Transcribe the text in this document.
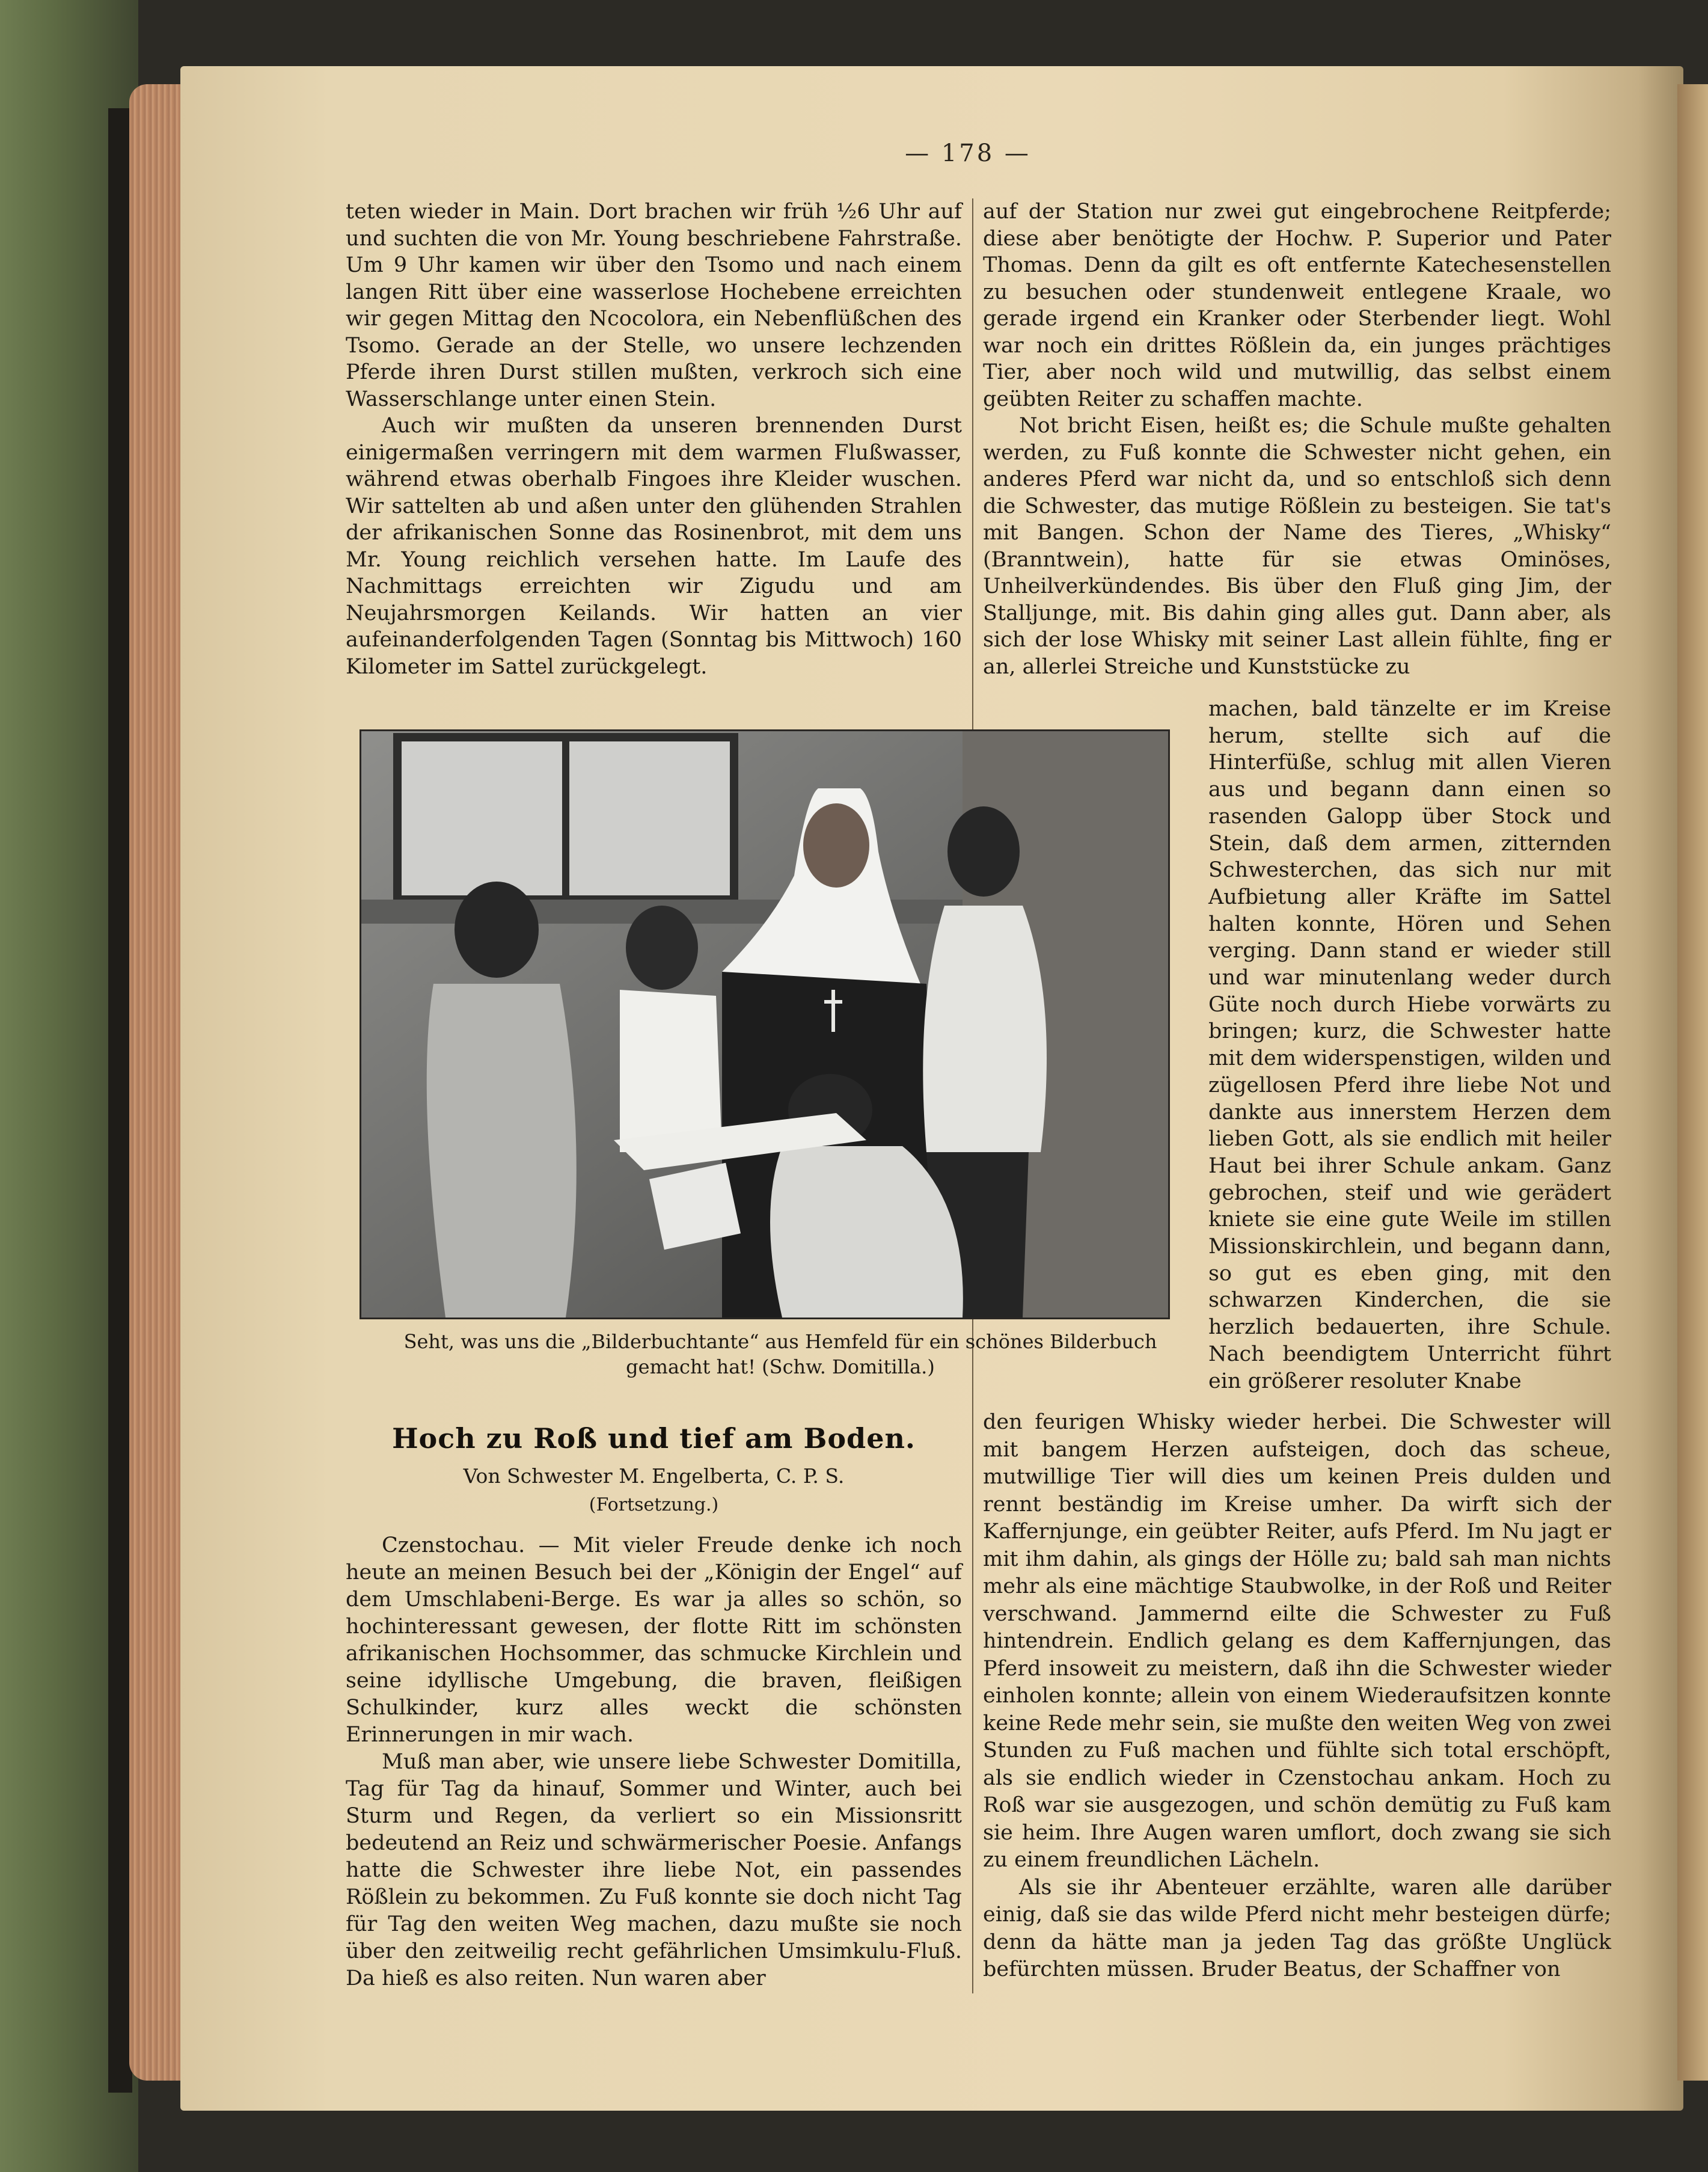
— 178 —

teten wieder in Main. Dort brachen wir früh ½6 Uhr auf und suchten die von Mr. Young beschriebene Fahrstraße. Um 9 Uhr kamen wir über den Tsomo und nach einem langen Ritt über eine wasserlose Hochebene erreichten wir gegen Mittag den Ncocolora, ein Nebenflüßchen des Tsomo. Gerade an der Stelle, wo unsere lechzenden Pferde ihren Durst stillen mußten, verkroch sich eine Wasserschlange unter einen Stein.

Auch wir mußten da unseren brennenden Durst einigermaßen verringern mit dem warmen Flußwasser, während etwas oberhalb Fingoes ihre Kleider wuschen. Wir sattelten ab und aßen unter den glühenden Strahlen der afrikanischen Sonne das Rosinenbrot, mit dem uns Mr. Young reichlich versehen hatte. Im Laufe des Nachmittags erreichten wir Zigudu und am Neujahrsmorgen Keilands. Wir hatten an vier aufeinanderfolgenden Tagen (Sonntag bis Mittwoch) 160 Kilometer im Sattel zurückgelegt.

auf der Station nur zwei gut eingebrochene Reitpferde; diese aber benötigte der Hochw. P. Superior und Pater Thomas. Denn da gilt es oft entfernte Katechesenstellen zu besuchen oder stundenweit entlegene Kraale, wo gerade irgend ein Kranker oder Sterbender liegt. Wohl war noch ein drittes Rößlein da, ein junges prächtiges Tier, aber noch wild und mutwillig, das selbst einem geübten Reiter zu schaffen machte.

Not bricht Eisen, heißt es; die Schule mußte gehalten werden, zu Fuß konnte die Schwester nicht gehen, ein anderes Pferd war nicht da, und so entschloß sich denn die Schwester, das mutige Rößlein zu besteigen. Sie tat's mit Bangen. Schon der Name des Tieres, „Whisky“ (Branntwein), hatte für sie etwas Ominöses, Unheilverkündendes. Bis über den Fluß ging Jim, der Stalljunge, mit. Bis dahin ging alles gut. Dann aber, als sich der lose Whisky mit seiner Last allein fühlte, fing er an, allerlei Streiche und Kunststücke zu

machen, bald tänzelte er im Kreise herum, stellte sich auf die Hinterfüße, schlug mit allen Vieren aus und begann dann einen so rasenden Galopp über Stock und Stein, daß dem armen, zitternden Schwesterchen, das sich nur mit Aufbietung aller Kräfte im Sattel halten konnte, Hören und Sehen verging. Dann stand er wieder still und war minutenlang weder durch Güte noch durch Hiebe vorwärts zu bringen; kurz, die Schwester hatte mit dem widerspenstigen, wilden und zügellosen Pferd ihre liebe Not und dankte aus innerstem Herzen dem lieben Gott, als sie endlich mit heiler Haut bei ihrer Schule ankam. Ganz gebrochen, steif und wie gerädert kniete sie eine gute Weile im stillen Missionskirchlein, und begann dann, so gut es eben ging, mit den schwarzen Kinderchen, die sie herzlich bedauerten, ihre Schule. Nach beendigtem Unterricht führt ein größerer resoluter Knabe

Seht, was uns die „Bilderbuchtante“ aus Hemfeld für ein schönes Bilderbuch gemacht hat! (Schw. Domitilla.)
Hoch zu Roß und tief am Boden.
Von Schwester M. Engelberta, C. P. S.
(Fortsetzung.)

Czenstochau. — Mit vieler Freude denke ich noch heute an meinen Besuch bei der „Königin der Engel“ auf dem Umschlabeni-Berge. Es war ja alles so schön, so hochinteressant gewesen, der flotte Ritt im schönsten afrikanischen Hochsommer, das schmucke Kirchlein und seine idyllische Umgebung, die braven, fleißigen Schulkinder, kurz alles weckt die schönsten Erinnerungen in mir wach.

Muß man aber, wie unsere liebe Schwester Domitilla, Tag für Tag da hinauf, Sommer und Winter, auch bei Sturm und Regen, da verliert so ein Missionsritt bedeutend an Reiz und schwärmerischer Poesie. Anfangs hatte die Schwester ihre liebe Not, ein passendes Rößlein zu bekommen. Zu Fuß konnte sie doch nicht Tag für Tag den weiten Weg machen, dazu mußte sie noch über den zeitweilig recht gefährlichen Umsimkulu-Fluß. Da hieß es also reiten. Nun waren aber

den feurigen Whisky wieder herbei. Die Schwester will mit bangem Herzen aufsteigen, doch das scheue, mutwillige Tier will dies um keinen Preis dulden und rennt beständig im Kreise umher. Da wirft sich der Kaffernjunge, ein geübter Reiter, aufs Pferd. Im Nu jagt er mit ihm dahin, als gings der Hölle zu; bald sah man nichts mehr als eine mächtige Staubwolke, in der Roß und Reiter verschwand. Jammernd eilte die Schwester zu Fuß hintendrein. Endlich gelang es dem Kaffernjungen, das Pferd insoweit zu meistern, daß ihn die Schwester wieder einholen konnte; allein von einem Wiederaufsitzen konnte keine Rede mehr sein, sie mußte den weiten Weg von zwei Stunden zu Fuß machen und fühlte sich total erschöpft, als sie endlich wieder in Czenstochau ankam. Hoch zu Roß war sie ausgezogen, und schön demütig zu Fuß kam sie heim. Ihre Augen waren umflort, doch zwang sie sich zu einem freundlichen Lächeln.

Als sie ihr Abenteuer erzählte, waren alle darüber einig, daß sie das wilde Pferd nicht mehr besteigen dürfe; denn da hätte man ja jeden Tag das größte Unglück befürchten müssen. Bruder Beatus, der Schaffner von
